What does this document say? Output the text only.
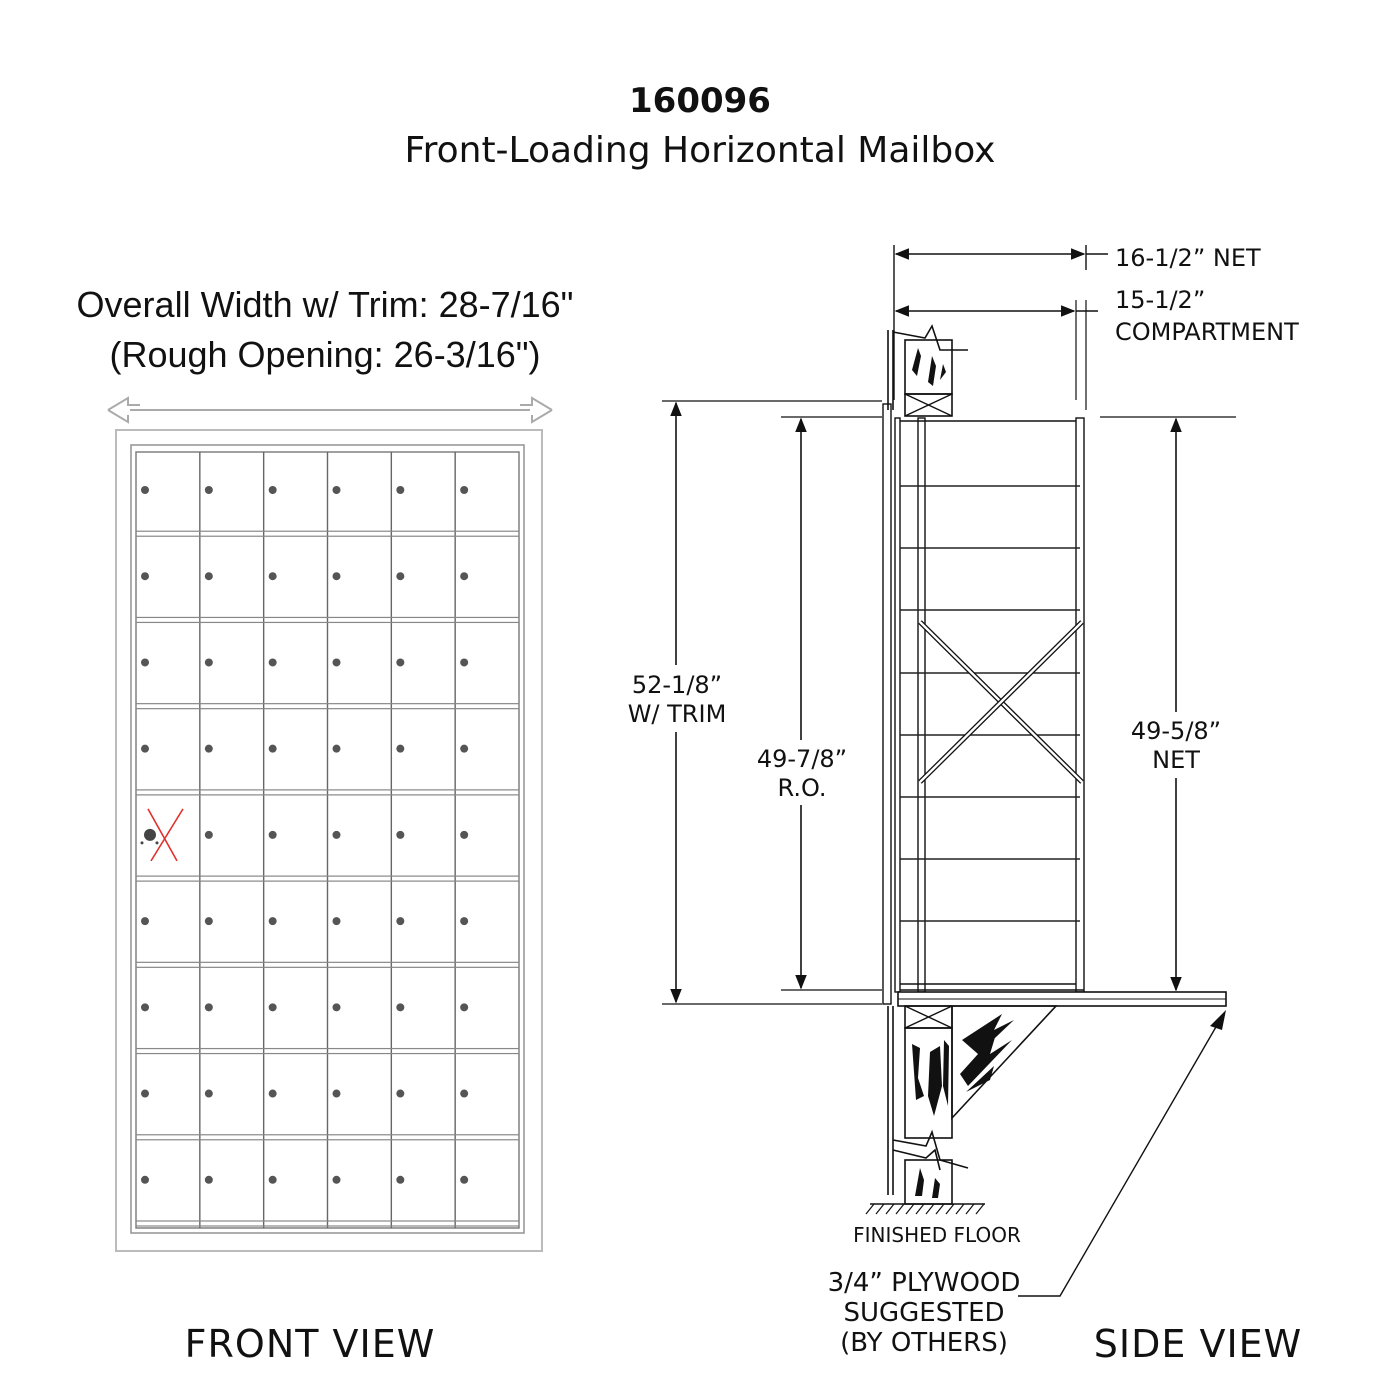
160096
Front-Loading Horizontal Mailbox
Overall Width w/ Trim: 28-7/16"
(Rough Opening: 26-3/16")
FRONT VIEW
16-1/2” NET
15-1/2”
COMPARTMENT
FINISHED FLOOR
52-1/8”
W/ TRIM
49-7/8”
R.O.
49-5/8”
NET
3/4” PLYWOOD
SUGGESTED
(BY OTHERS) SIDE VIEW
